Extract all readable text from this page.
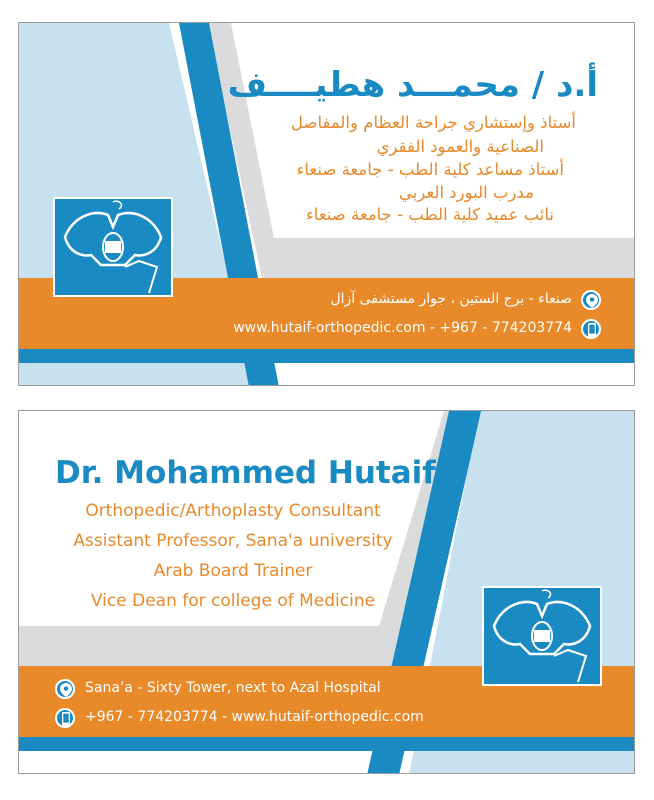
أ.د / محمـــد هطيــــف
أستاذ وإستشاري جراحة العظام والمفاصل
الصناعية والعمود الفقري
أستاذ مساعد كلية الطب - جامعة صنعاء
مدرب البورد العربي
نائب عميد كلية الطب - جامعة صنعاء
صنعاء - برج الستين ، جوار مستشفى آزال
www.hutaif-orthopedic.com - +967 - 774203774
Dr. Mohammed Hutaif
Orthopedic/Arthoplasty Consultant
Assistant Professor, Sana'a university
Arab Board Trainer
Vice Dean for college of Medicine
Sana’a - Sixty Tower, next to Azal Hospital
+967 - 774203774 - www.hutaif-orthopedic.com
